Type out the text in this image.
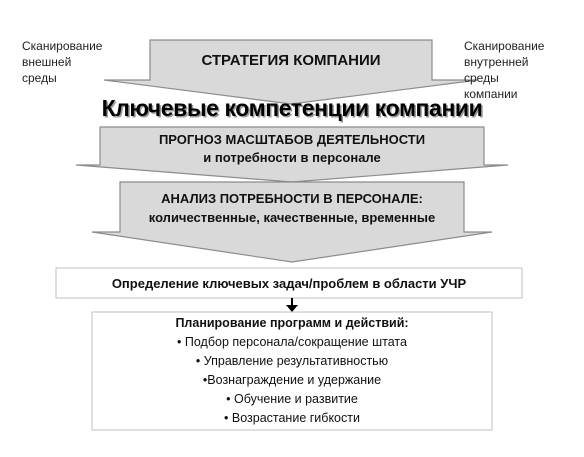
Сканирование
внешней
среды
Сканирование
внутренней
среды
компании
СТРАТЕГИЯ КОМПАНИИ
Ключевые компетенции компании
ПРОГНОЗ МАСШТАБОВ ДЕЯТЕЛЬНОСТИ
и потребности в персонале
АНАЛИЗ ПОТРЕБНОСТИ В ПЕРСОНАЛЕ:
количественные, качественные, временные
Определение ключевых задач/проблем в области УЧР
Планирование программ и действий:
• Подбор персонала/сокращение штата
• Управление результативностью
•Вознаграждение и удержание
• Обучение и развитие
• Возрастание гибкости
